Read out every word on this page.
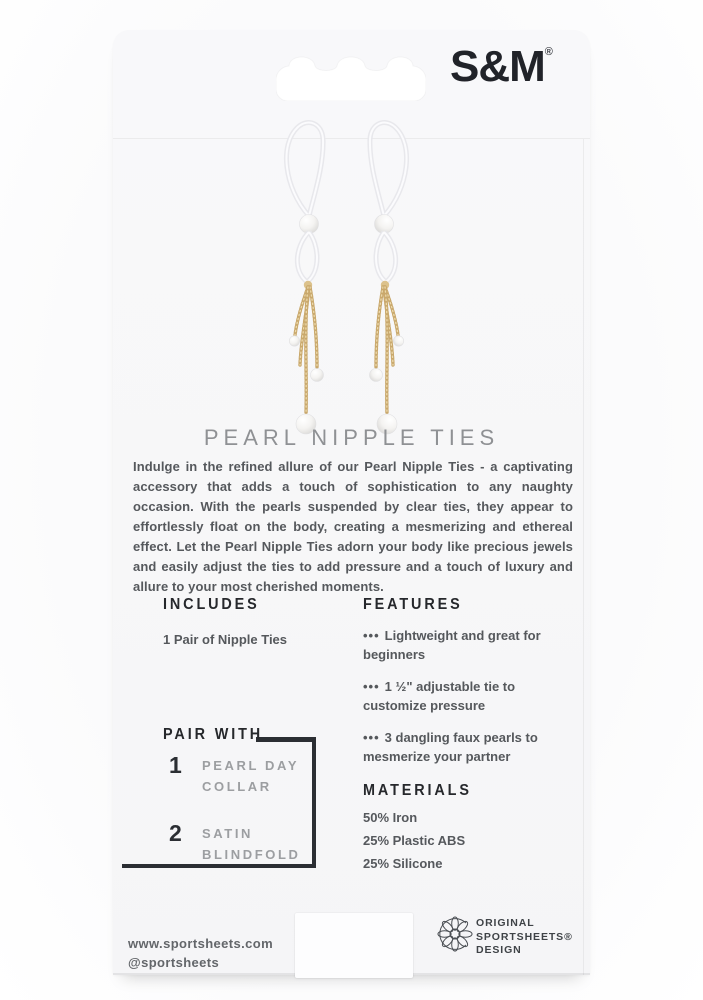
S&M®
PEARL NIPPLE TIES
Indulge in the refined allure of our Pearl Nipple Ties - a captivating accessory that adds a touch of sophistication to any naughty occasion. With the pearls suspended by clear ties, they appear to effortlessly float on the body, creating a mesmerizing and ethereal effect. Let the Pearl Nipple Ties adorn your body like precious jewels and easily adjust the ties to add pressure and a touch of luxury and allure to your most cherished moments.
INCLUDES
1 Pair of Nipple Ties
FEATURES
••• Lightweight and great for beginners
••• 1 ½" adjustable tie to customize pressure
••• 3 dangling faux pearls to mesmerize your partner
MATERIALS
50% Iron
25% Plastic ABS
25% Silicone
PAIR WITH
1 PEARL DAY COLLAR
2 SATIN BLINDFOLD
www.sportsheets.com
@sportsheets
ORIGINAL
SPORTSHEETS®
DESIGN
